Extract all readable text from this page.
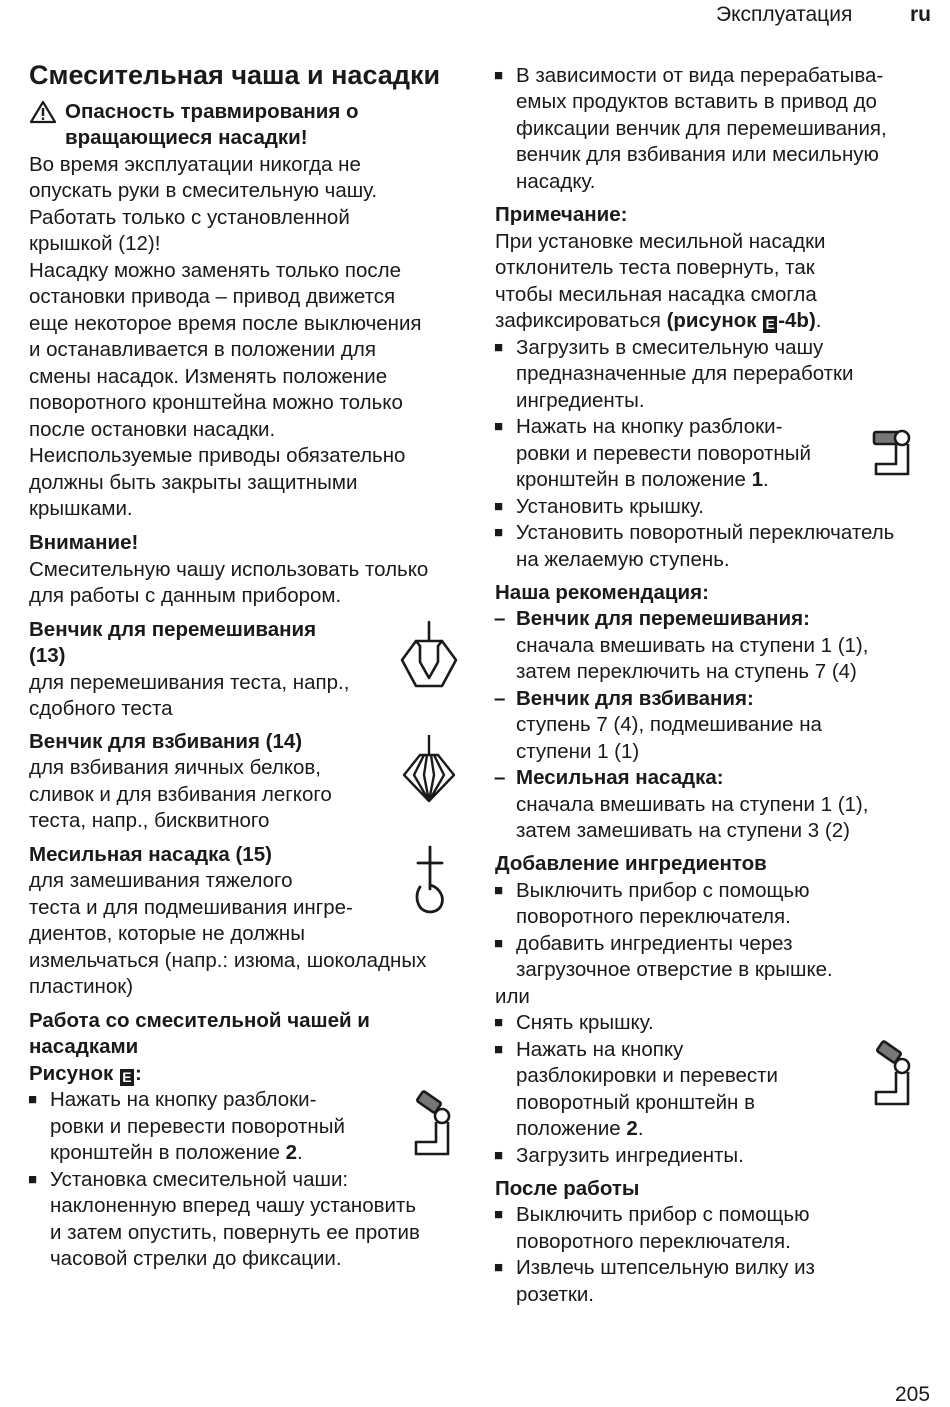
Эксплуатация	ru
Смесительная чаша и насадки
Опасность травмирования о
вращающиеся насадки!
Во время эксплуатации никогда не
опускать руки в смесительную чашу.
Работать только с установленной
крышкой (12)!
Насадку можно заменять только после
остановки привода – привод движется
еще некоторое время после выключения
и останавливается в положении для
смены насадок. Изменять положение
поворотного кронштейна можно только
после остановки насадки.
Неиспользуемые приводы обязательно
должны быть закрыты защитными
крышками.
Внимание!
Смесительную чашу использовать только
для работы с данным прибором.
Венчик для перемешивания
(13)
для перемешивания теста, напр.,
сдобного теста
Венчик для взбивания (14)
для взбивания яичных белков,
сливок и для взбивания легкого
теста, напр., бисквитного
Месильная насадка (15)
для замешивания тяжелого
теста и для подмешивания ингре-
диентов, которые не должны
измельчаться (напр.: изюма, шоколадных
пластинок)
Работа со смесительной чашей и
насадками
Рисунок E :
■ Нажать на кнопку разблоки-
ровки и перевести поворотный
кронштейн в положение 2.
■ Установка смесительной чаши:
наклоненную вперед чашу установить
и затем опустить, повернуть ее против
часовой стрелки до фиксации.
■ В зависимости от вида перерабатыва-
емых продуктов вставить в привод до
фиксации венчик для перемешивания,
венчик для взбивания или месильную
насадку.
Примечание:
При установке месильной насадки
отклонитель теста повернуть, так
чтобы месильная насадка смогла
зафиксироваться (рисунок E -4b).
■ Загрузить в смесительную чашу
предназначенные для переработки
ингредиенты.
■ Нажать на кнопку разблоки-
ровки и перевести поворотный
кронштейн в положение 1.
■ Установить крышку.
■ Установить поворотный переключатель
на желаемую ступень.
Наша рекомендация:
– Венчик для перемешивания:
сначала вмешивать на ступени 1 (1),
затем переключить на ступень 7 (4)
– Венчик для взбивания:
ступень 7 (4), подмешивание на
ступени 1 (1)
– Месильная насадка:
сначала вмешивать на ступени 1 (1),
затем замешивать на ступени 3 (2)
Добавление ингредиентов
■ Выключить прибор с помощью
поворотного переключателя.
■ добавить ингредиенты через
загрузочное отверстие в крышке.
или
■ Снять крышку.
■ Нажать на кнопку
разблокировки и перевести
поворотный кронштейн в
положение 2.
■ Загрузить ингредиенты.
После работы
■ Выключить прибор с помощью
поворотного переключателя.
■ Извлечь штепсельную вилку из
розетки.
205
